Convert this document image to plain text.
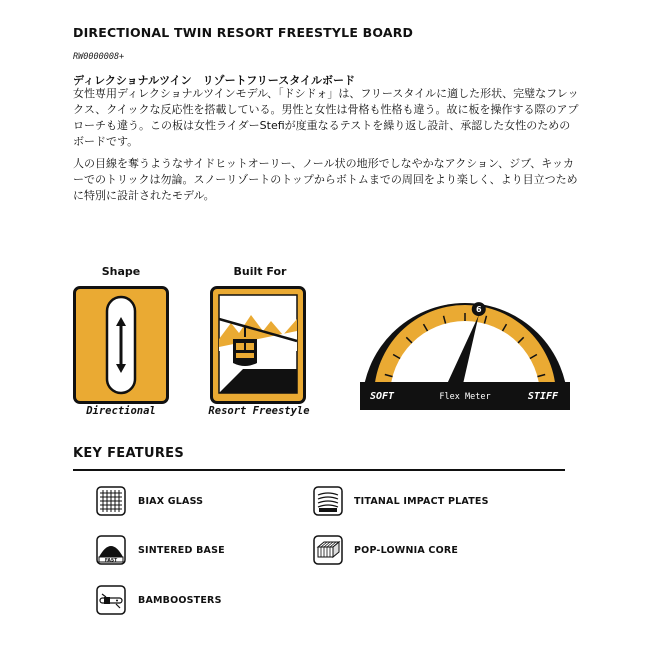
DIRECTIONAL TWIN RESORT FREESTYLE BOARD
RW0000008+
ディレクショナルツイン　リゾートフリースタイルボード
女性専用ディレクショナルツインモデル、「ドシドォ」は、フリースタイルに適した形状、完璧なフレックス、クイックな反応性を搭載している。男性と女性は骨格も性格も違う。故に板を操作する際のアプローチも違う。この板は女性ライダーStefiが度重なるテストを繰り返し設計、承認した女性のためのボードです。
人の目線を奪うようなサイドヒットオーリー、ノール状の地形でしなやかなアクション、ジブ、キッカーでのトリックは勿論。スノーリゾートのトップからボトムまでの周回をより楽しく、より目立つために特別に設計されたモデル。
Shape
Directional
Built For
Resort Freestyle
6
SOFT	Flex Meter	STIFF
KEY FEATURES
BIAX GLASS	TITANAL IMPACT PLATES
FAST
SINTERED BASE	POP-LOWNIA CORE
BAMBOOSTERS
